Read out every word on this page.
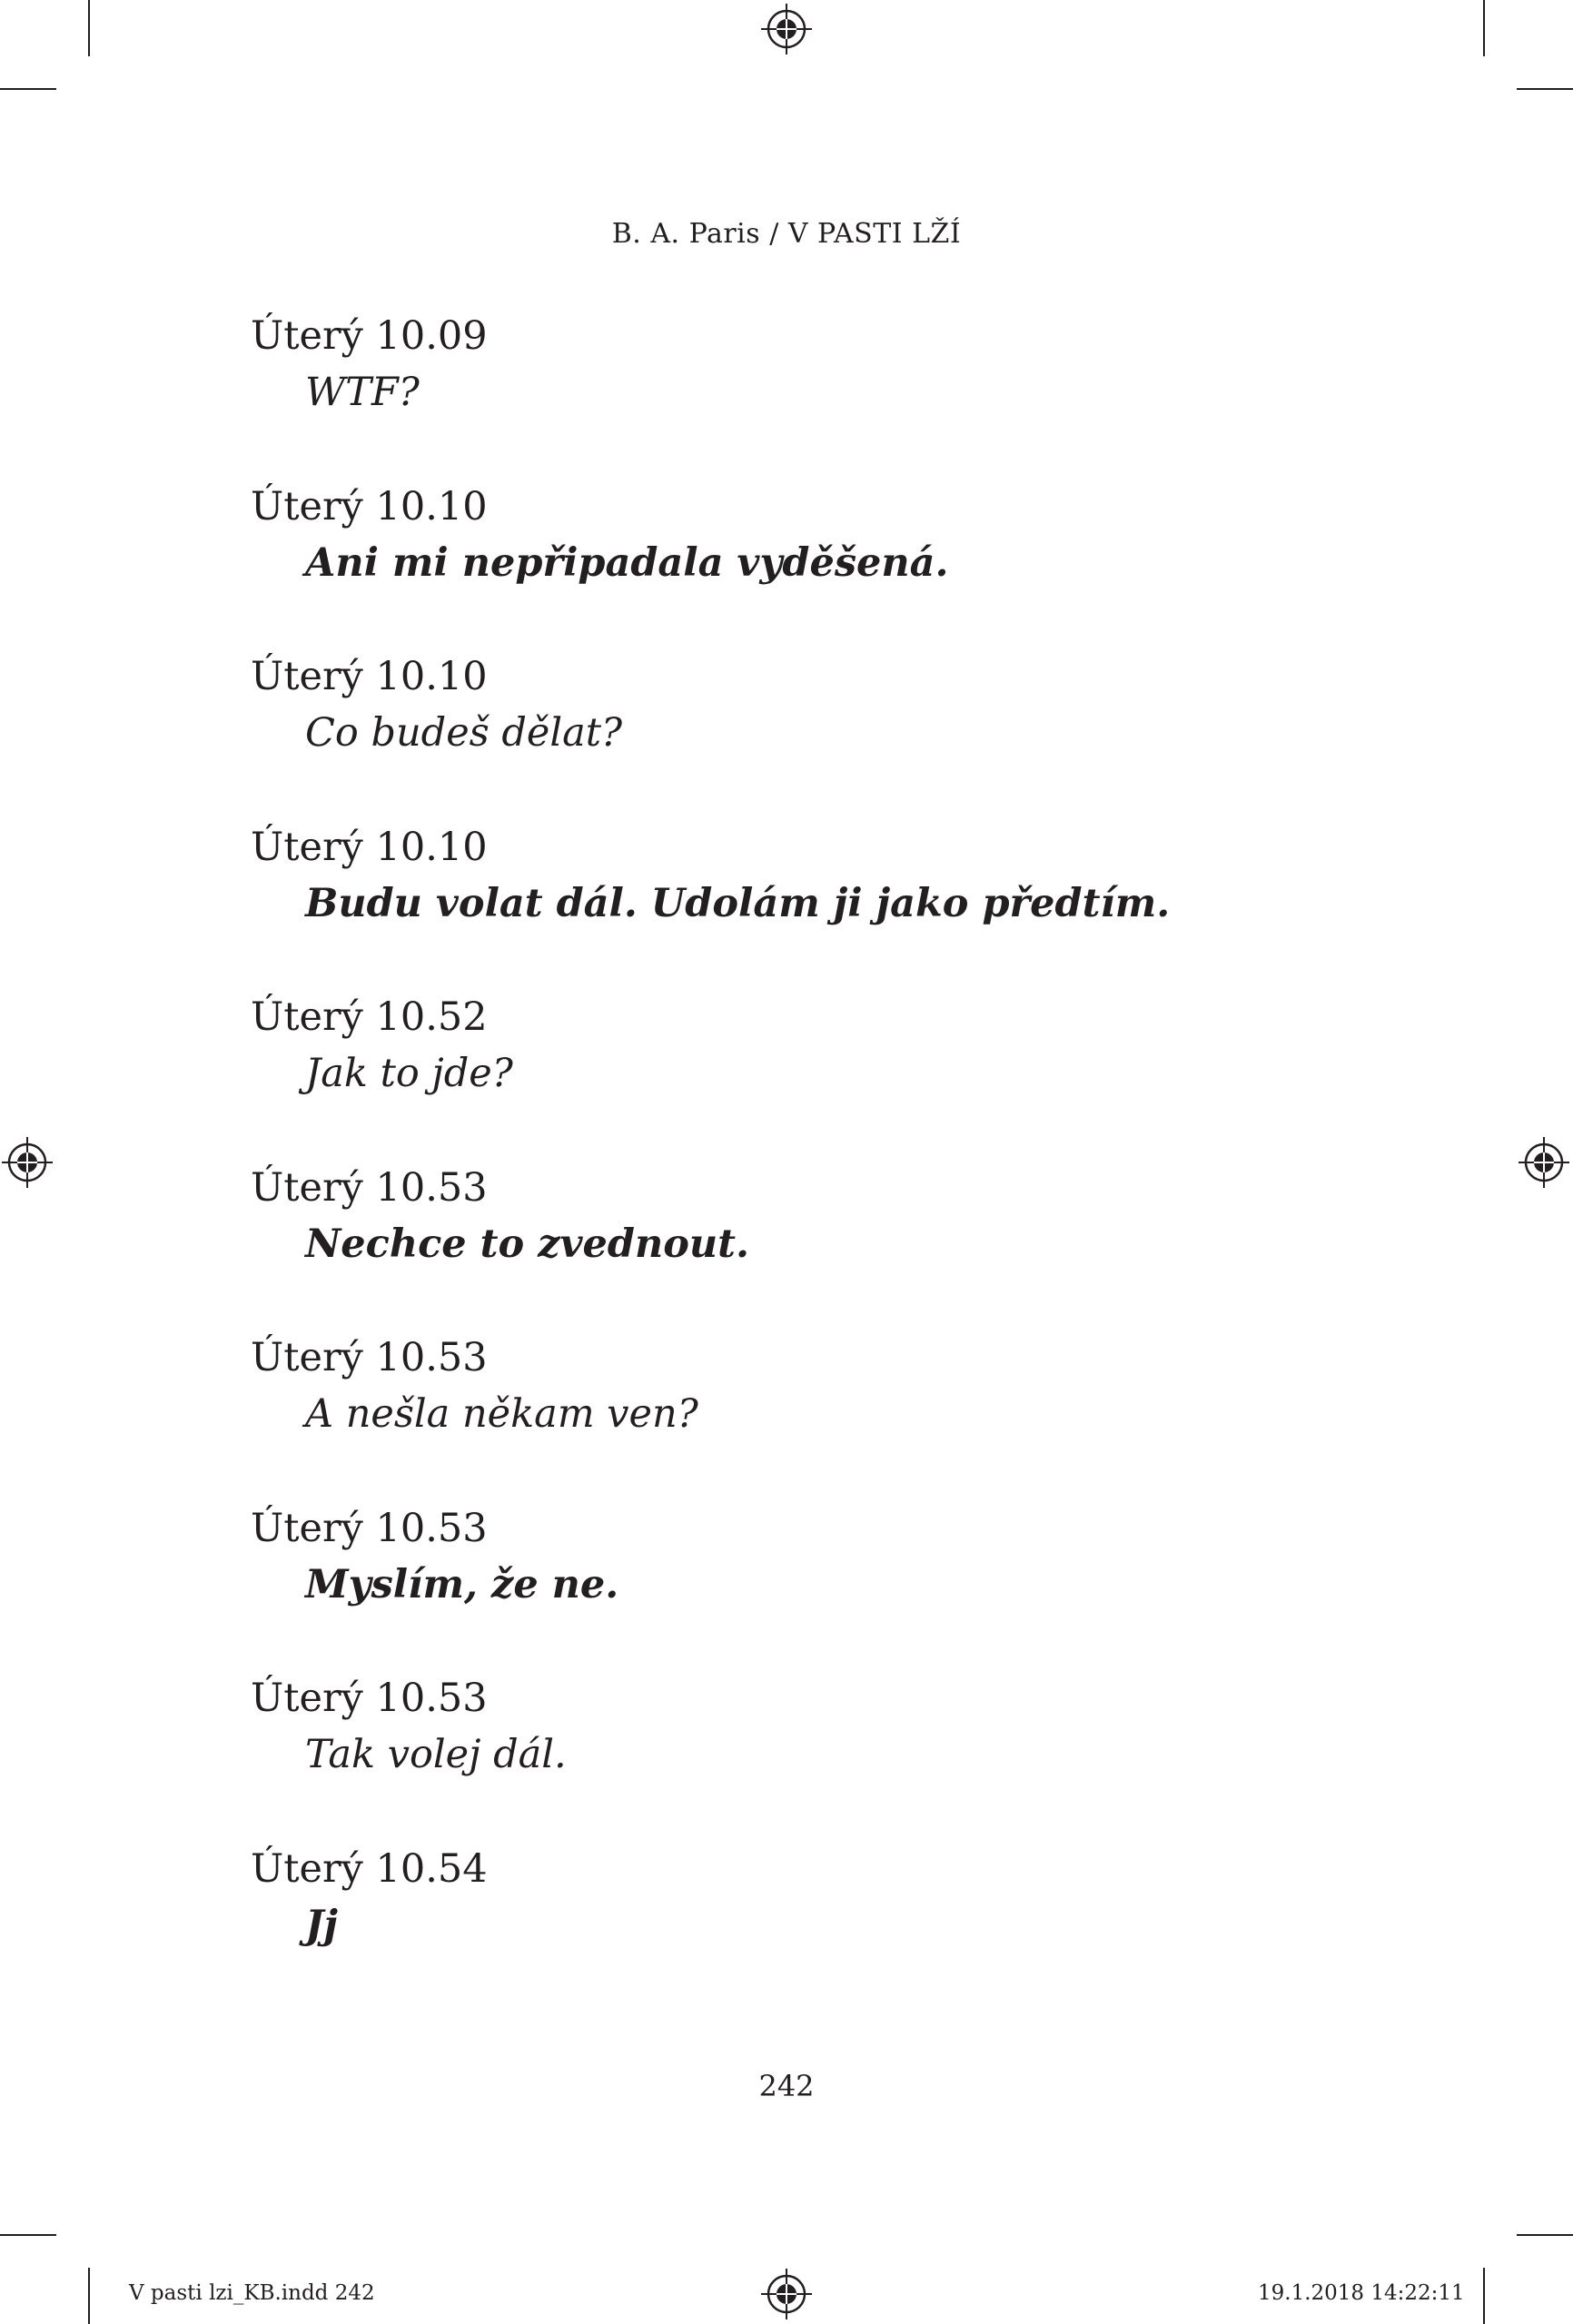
B. A. Paris / V PASTI LŽÍ
Úterý 10.09
WTF?
Úterý 10.10
Ani mi nepřipadala vyděšená.
Úterý 10.10
Co budeš dělat?
Úterý 10.10
Budu volat dál. Udolám ji jako předtím.
Úterý 10.52
Jak to jde?
Úterý 10.53
Nechce to zvednout.
Úterý 10.53
A nešla někam ven?
Úterý 10.53
Myslím, že ne.
Úterý 10.53
Tak volej dál.
Úterý 10.54
Jj
242
V pasti lzi_KB.indd 242	19.1.2018 14:22:11
